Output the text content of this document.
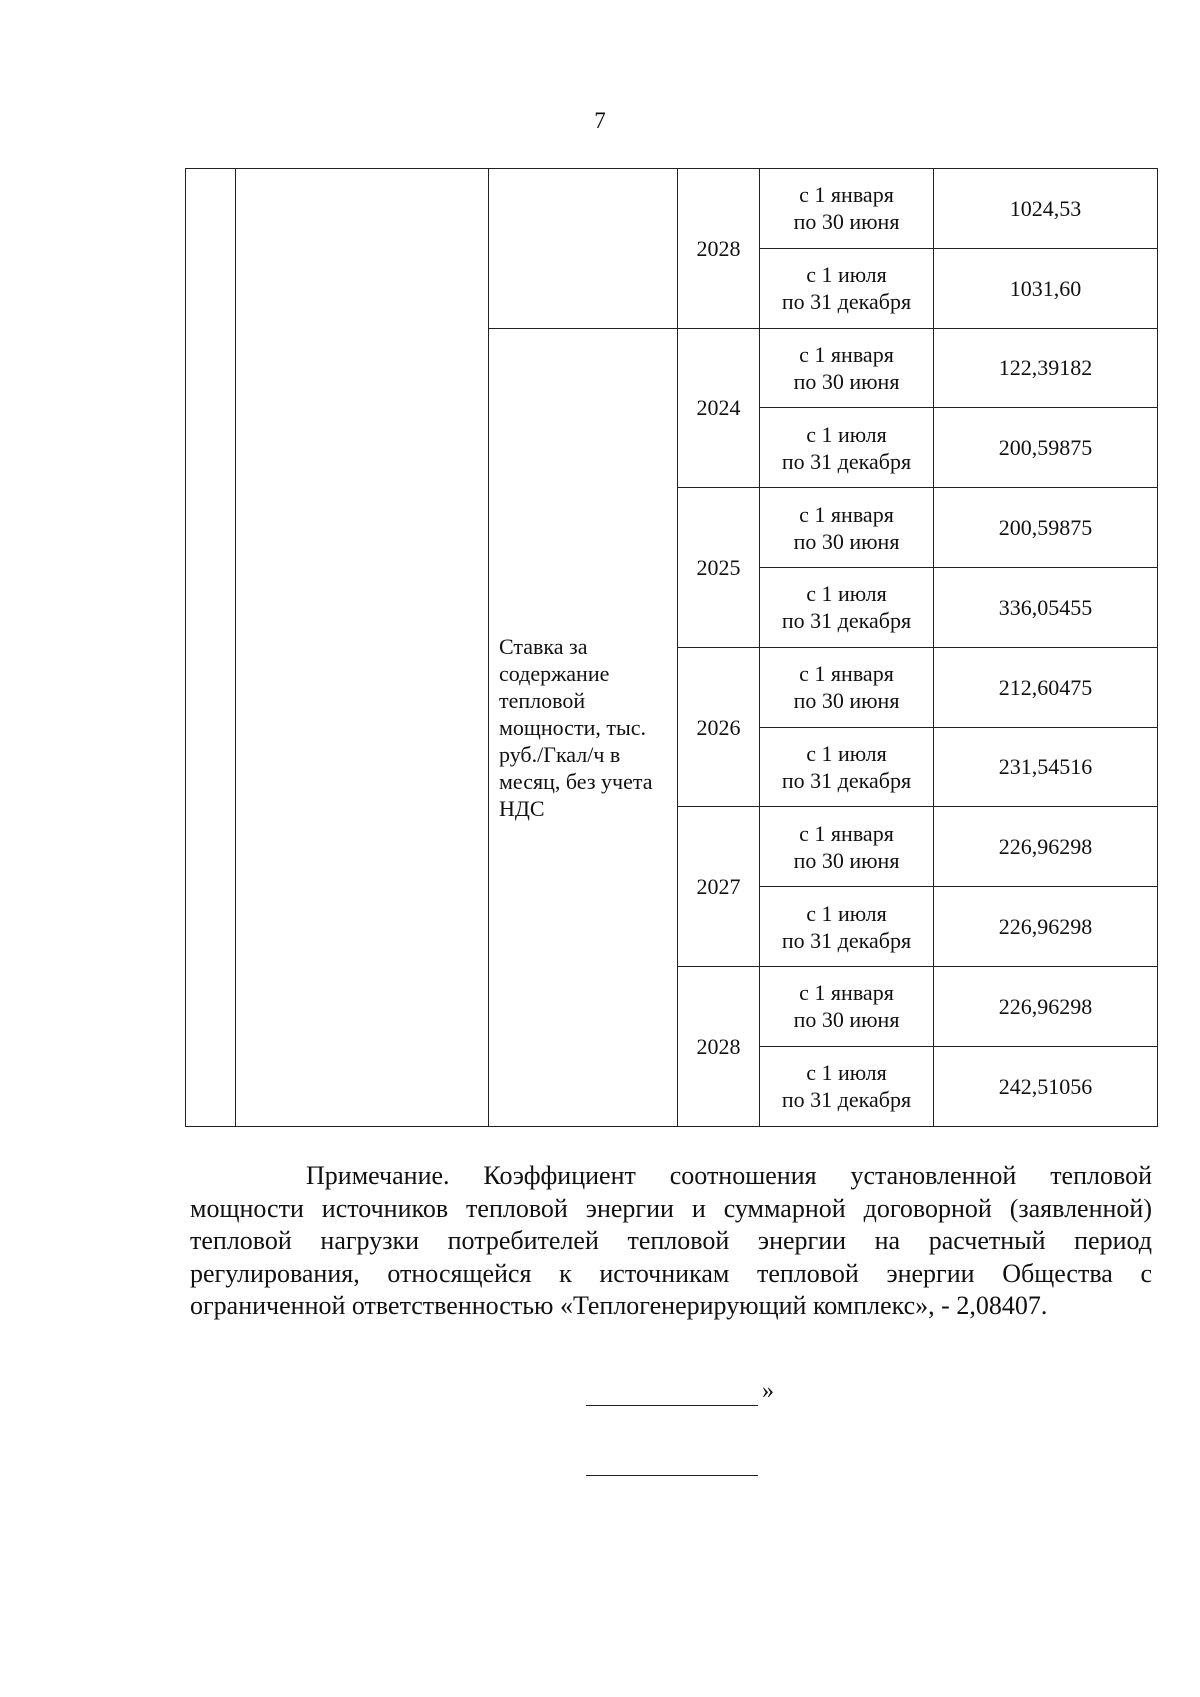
7
			2028	с 1 января
по 30 июня	1024,53
				с 1 июля
по 31 декабря	1031,60
		Ставка за содержание тепловой мощности, тыс. руб./Гкал/ч в месяц, без учета НДС	2024	с 1 января
по 30 июня	122,39182
				с 1 июля
по 31 декабря	200,59875
			2025	с 1 января
по 30 июня	200,59875
				с 1 июля
по 31 декабря	336,05455
			2026	с 1 января
по 30 июня	212,60475
				с 1 июля
по 31 декабря	231,54516
			2027	с 1 января
по 30 июня	226,96298
				с 1 июля
по 31 декабря	226,96298
			2028	с 1 января
по 30 июня	226,96298
				с 1 июля
по 31 декабря	242,51056
Примечание. Коэффициент соотношения установленной тепловой мощности источников тепловой энергии и суммарной договорной (заявленной) тепловой нагрузки потребителей тепловой энергии на расчетный период регулирования, относящейся к источникам тепловой энергии Общества с ограниченной ответственностью «Теплогенерирующий комплекс», - 2,08407.
»
